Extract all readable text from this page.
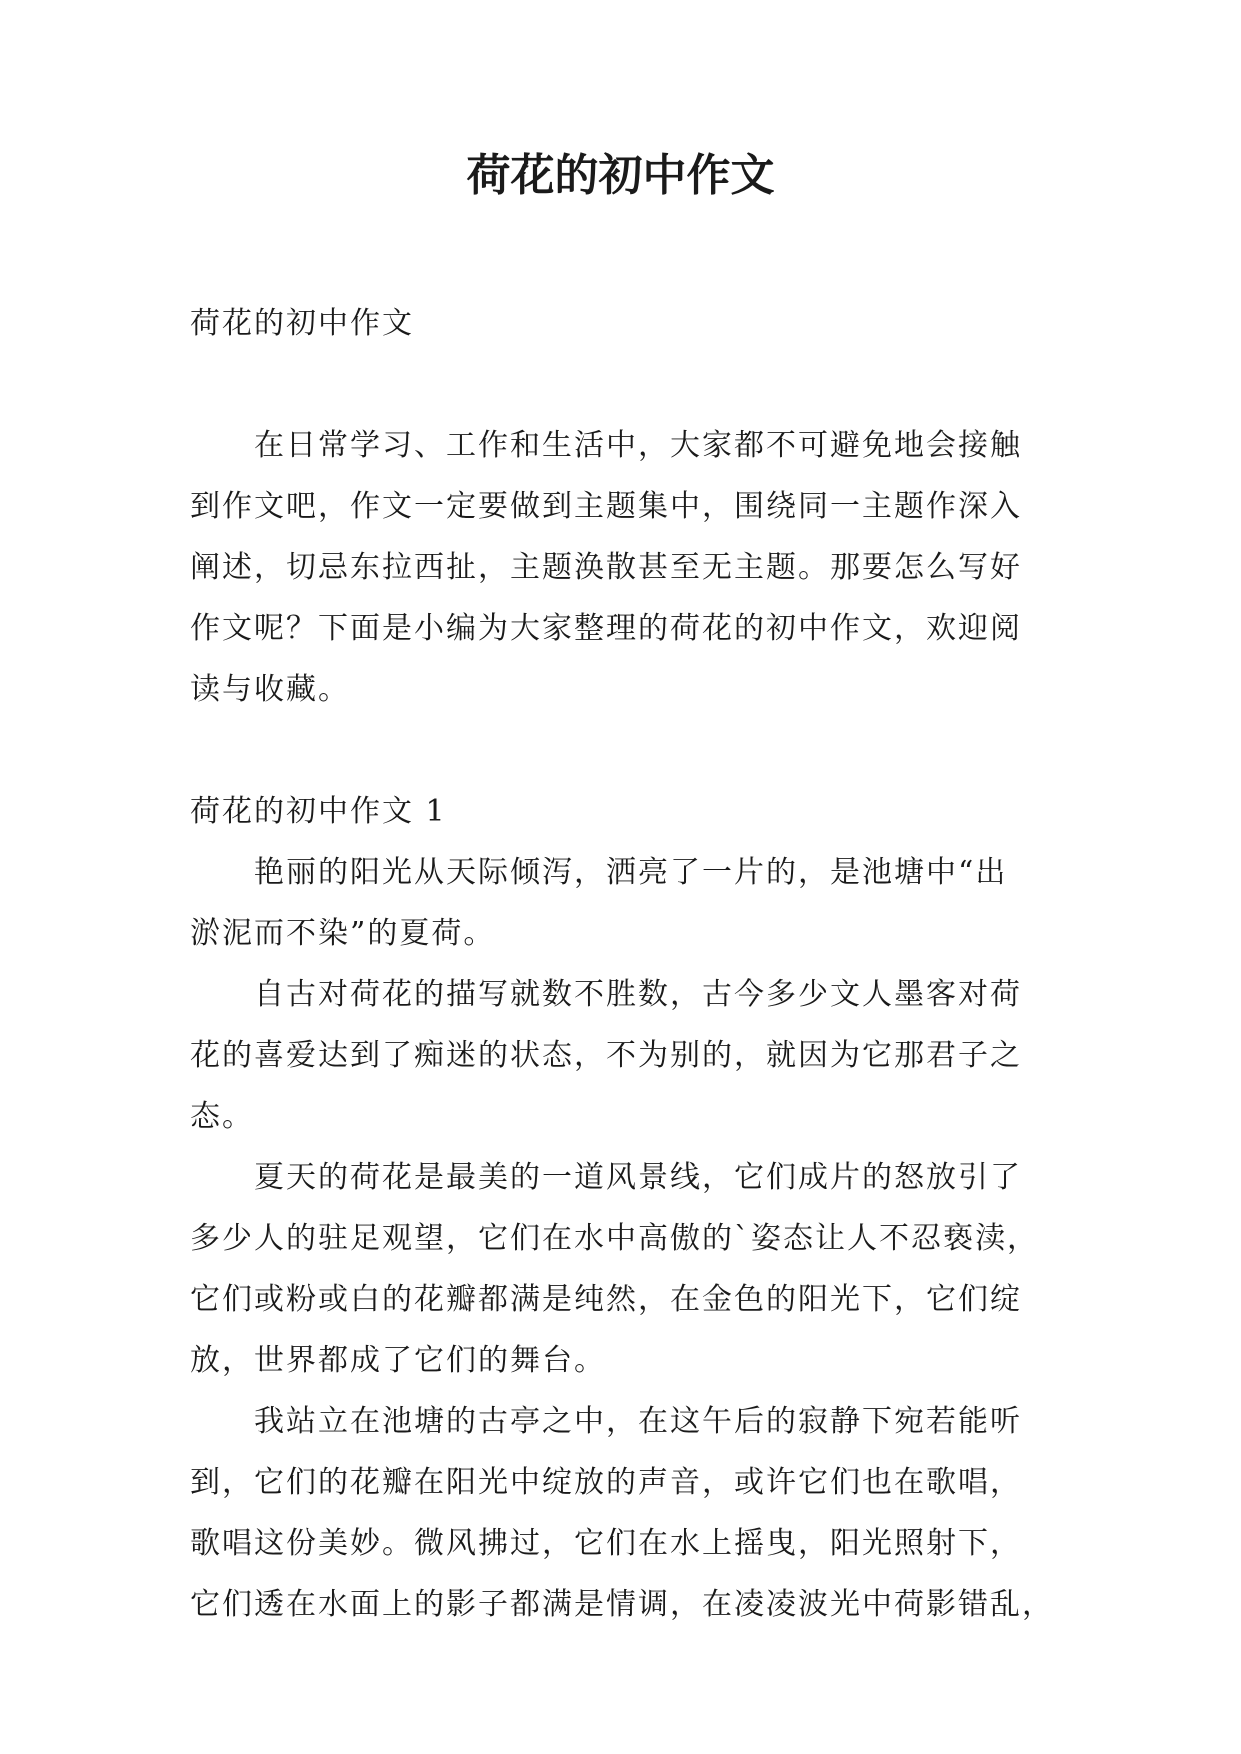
荷花的初中作文
荷花的初中作文
在日常学习、工作和生活中，大家都不可避免地会接触
到作文吧，作文一定要做到主题集中，围绕同一主题作深入
阐述，切忌东拉西扯，主题涣散甚至无主题。那要怎么写好
作文呢？下面是小编为大家整理的荷花的初中作文，欢迎阅
读与收藏。
荷花的初中作文 1
艳丽的阳光从天际倾泻，洒亮了一片的，是池塘中“出
淤泥而不染”的夏荷。
自古对荷花的描写就数不胜数，古今多少文人墨客对荷
花的喜爱达到了痴迷的状态，不为别的，就因为它那君子之
态。
夏天的荷花是最美的一道风景线，它们成片的怒放引了
多少人的驻足观望，它们在水中高傲的`姿态让人不忍亵渎，
它们或粉或白的花瓣都满是纯然，在金色的阳光下，它们绽
放，世界都成了它们的舞台。
我站立在池塘的古亭之中，在这午后的寂静下宛若能听
到，它们的花瓣在阳光中绽放的声音，或许它们也在歌唱，
歌唱这份美妙。微风拂过，它们在水上摇曳，阳光照射下，
它们透在水面上的影子都满是情调，在凌凌波光中荷影错乱，
